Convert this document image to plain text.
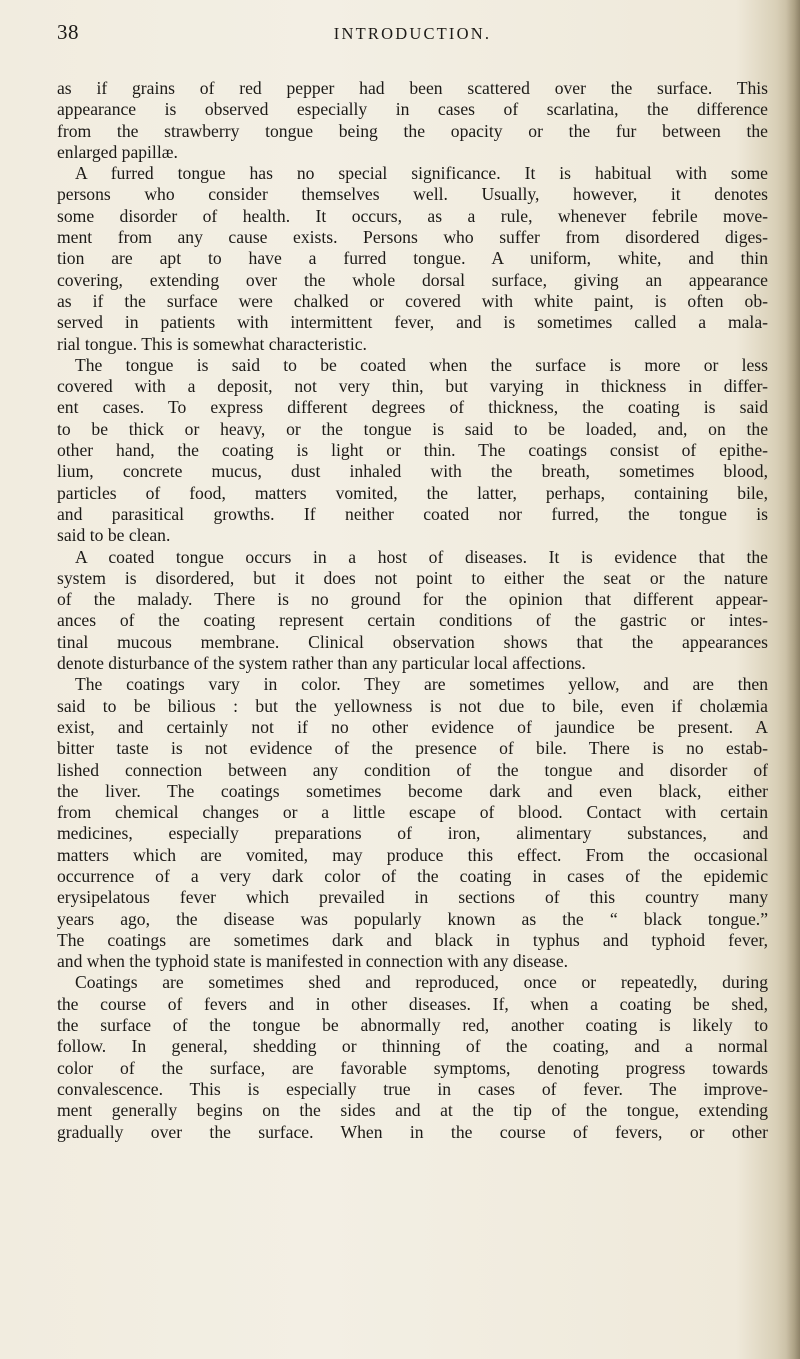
38	INTRODUCTION.
as if grains of red pepper had been scattered over the surface. This
appearance is observed especially in cases of scarlatina, the difference
from the strawberry tongue being the opacity or the fur between the
enlarged papillæ.
A furred tongue has no special significance. It is habitual with some
persons who consider themselves well. Usually, however, it denotes
some disorder of health. It occurs, as a rule, whenever febrile move-
ment from any cause exists. Persons who suffer from disordered diges-
tion are apt to have a furred tongue. A uniform, white, and thin
covering, extending over the whole dorsal surface, giving an appearance
as if the surface were chalked or covered with white paint, is often ob-
served in patients with intermittent fever, and is sometimes called a mala-
rial tongue. This is somewhat characteristic.
The tongue is said to be coated when the surface is more or less
covered with a deposit, not very thin, but varying in thickness in differ-
ent cases. To express different degrees of thickness, the coating is said
to be thick or heavy, or the tongue is said to be loaded, and, on the
other hand, the coating is light or thin. The coatings consist of epithe-
lium, concrete mucus, dust inhaled with the breath, sometimes blood,
particles of food, matters vomited, the latter, perhaps, containing bile,
and parasitical growths. If neither coated nor furred, the tongue is
said to be clean.
A coated tongue occurs in a host of diseases. It is evidence that the
system is disordered, but it does not point to either the seat or the nature
of the malady. There is no ground for the opinion that different appear-
ances of the coating represent certain conditions of the gastric or intes-
tinal mucous membrane. Clinical observation shows that the appearances
denote disturbance of the system rather than any particular local affections.
The coatings vary in color. They are sometimes yellow, and are then
said to be bilious : but the yellowness is not due to bile, even if cholæmia
exist, and certainly not if no other evidence of jaundice be present. A
bitter taste is not evidence of the presence of bile. There is no estab-
lished connection between any condition of the tongue and disorder of
the liver. The coatings sometimes become dark and even black, either
from chemical changes or a little escape of blood. Contact with certain
medicines, especially preparations of iron, alimentary substances, and
matters which are vomited, may produce this effect. From the occasional
occurrence of a very dark color of the coating in cases of the epidemic
erysipelatous fever which prevailed in sections of this country many
years ago, the disease was popularly known as the “ black tongue.”
The coatings are sometimes dark and black in typhus and typhoid fever,
and when the typhoid state is manifested in connection with any disease.
Coatings are sometimes shed and reproduced, once or repeatedly, during
the course of fevers and in other diseases. If, when a coating be shed,
the surface of the tongue be abnormally red, another coating is likely to
follow. In general, shedding or thinning of the coating, and a normal
color of the surface, are favorable symptoms, denoting progress towards
convalescence. This is especially true in cases of fever. The improve-
ment generally begins on the sides and at the tip of the tongue, extending
gradually over the surface. When in the course of fevers, or other
